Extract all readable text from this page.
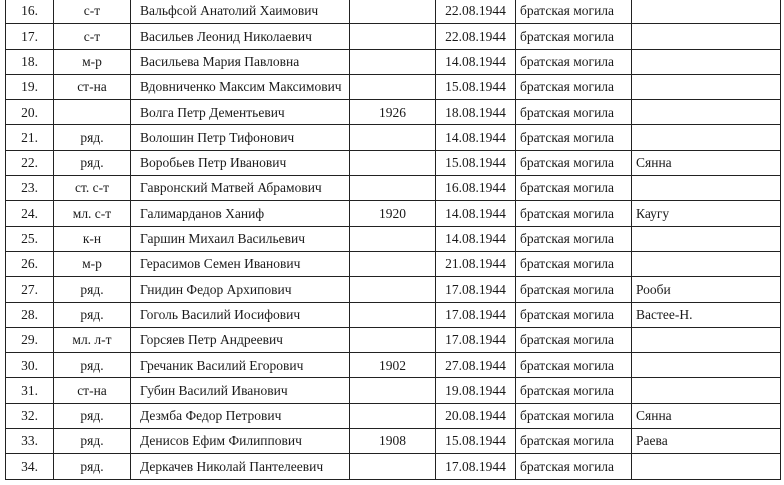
16.	с-т	Вальфсой Анатолий Хаимович		22.08.1944	братская могила	
17.	с-т	Васильев Леонид Николаевич		22.08.1944	братская могила	
18.	м-р	Васильева Мария Павловна		14.08.1944	братская могила	
19.	ст-на	Вдовниченко Максим Максимович		15.08.1944	братская могила	
20.		Волга Петр Дементьевич	1926	18.08.1944	братская могила	
21.	ряд.	Волошин Петр Тифонович		14.08.1944	братская могила	
22.	ряд.	Воробьев Петр Иванович		15.08.1944	братская могила	Сянна
23.	ст. с-т	Гавронский Матвей Абрамович		16.08.1944	братская могила	
24.	мл. с-т	Галимарданов Ханиф	1920	14.08.1944	братская могила	Каугу
25.	к-н	Гаршин Михаил Васильевич		14.08.1944	братская могила	
26.	м-р	Герасимов Семен Иванович		21.08.1944	братская могила	
27.	ряд.	Гнидин Федор Архипович		17.08.1944	братская могила	Рооби
28.	ряд.	Гоголь Василий Иосифович		17.08.1944	братская могила	Вастее-Н.
29.	мл. л-т	Горсяев Петр Андреевич		17.08.1944	братская могила	
30.	ряд.	Гречаник Василий Егорович	1902	27.08.1944	братская могила	
31.	ст-на	Губин Василий Иванович		19.08.1944	братская могила	
32.	ряд.	Дезмба Федор Петрович		20.08.1944	братская могила	Сянна
33.	ряд.	Денисов Ефим Филиппович	1908	15.08.1944	братская могила	Раева
34.	ряд.	Деркачев Николай Пантелеевич		17.08.1944	братская могила	
